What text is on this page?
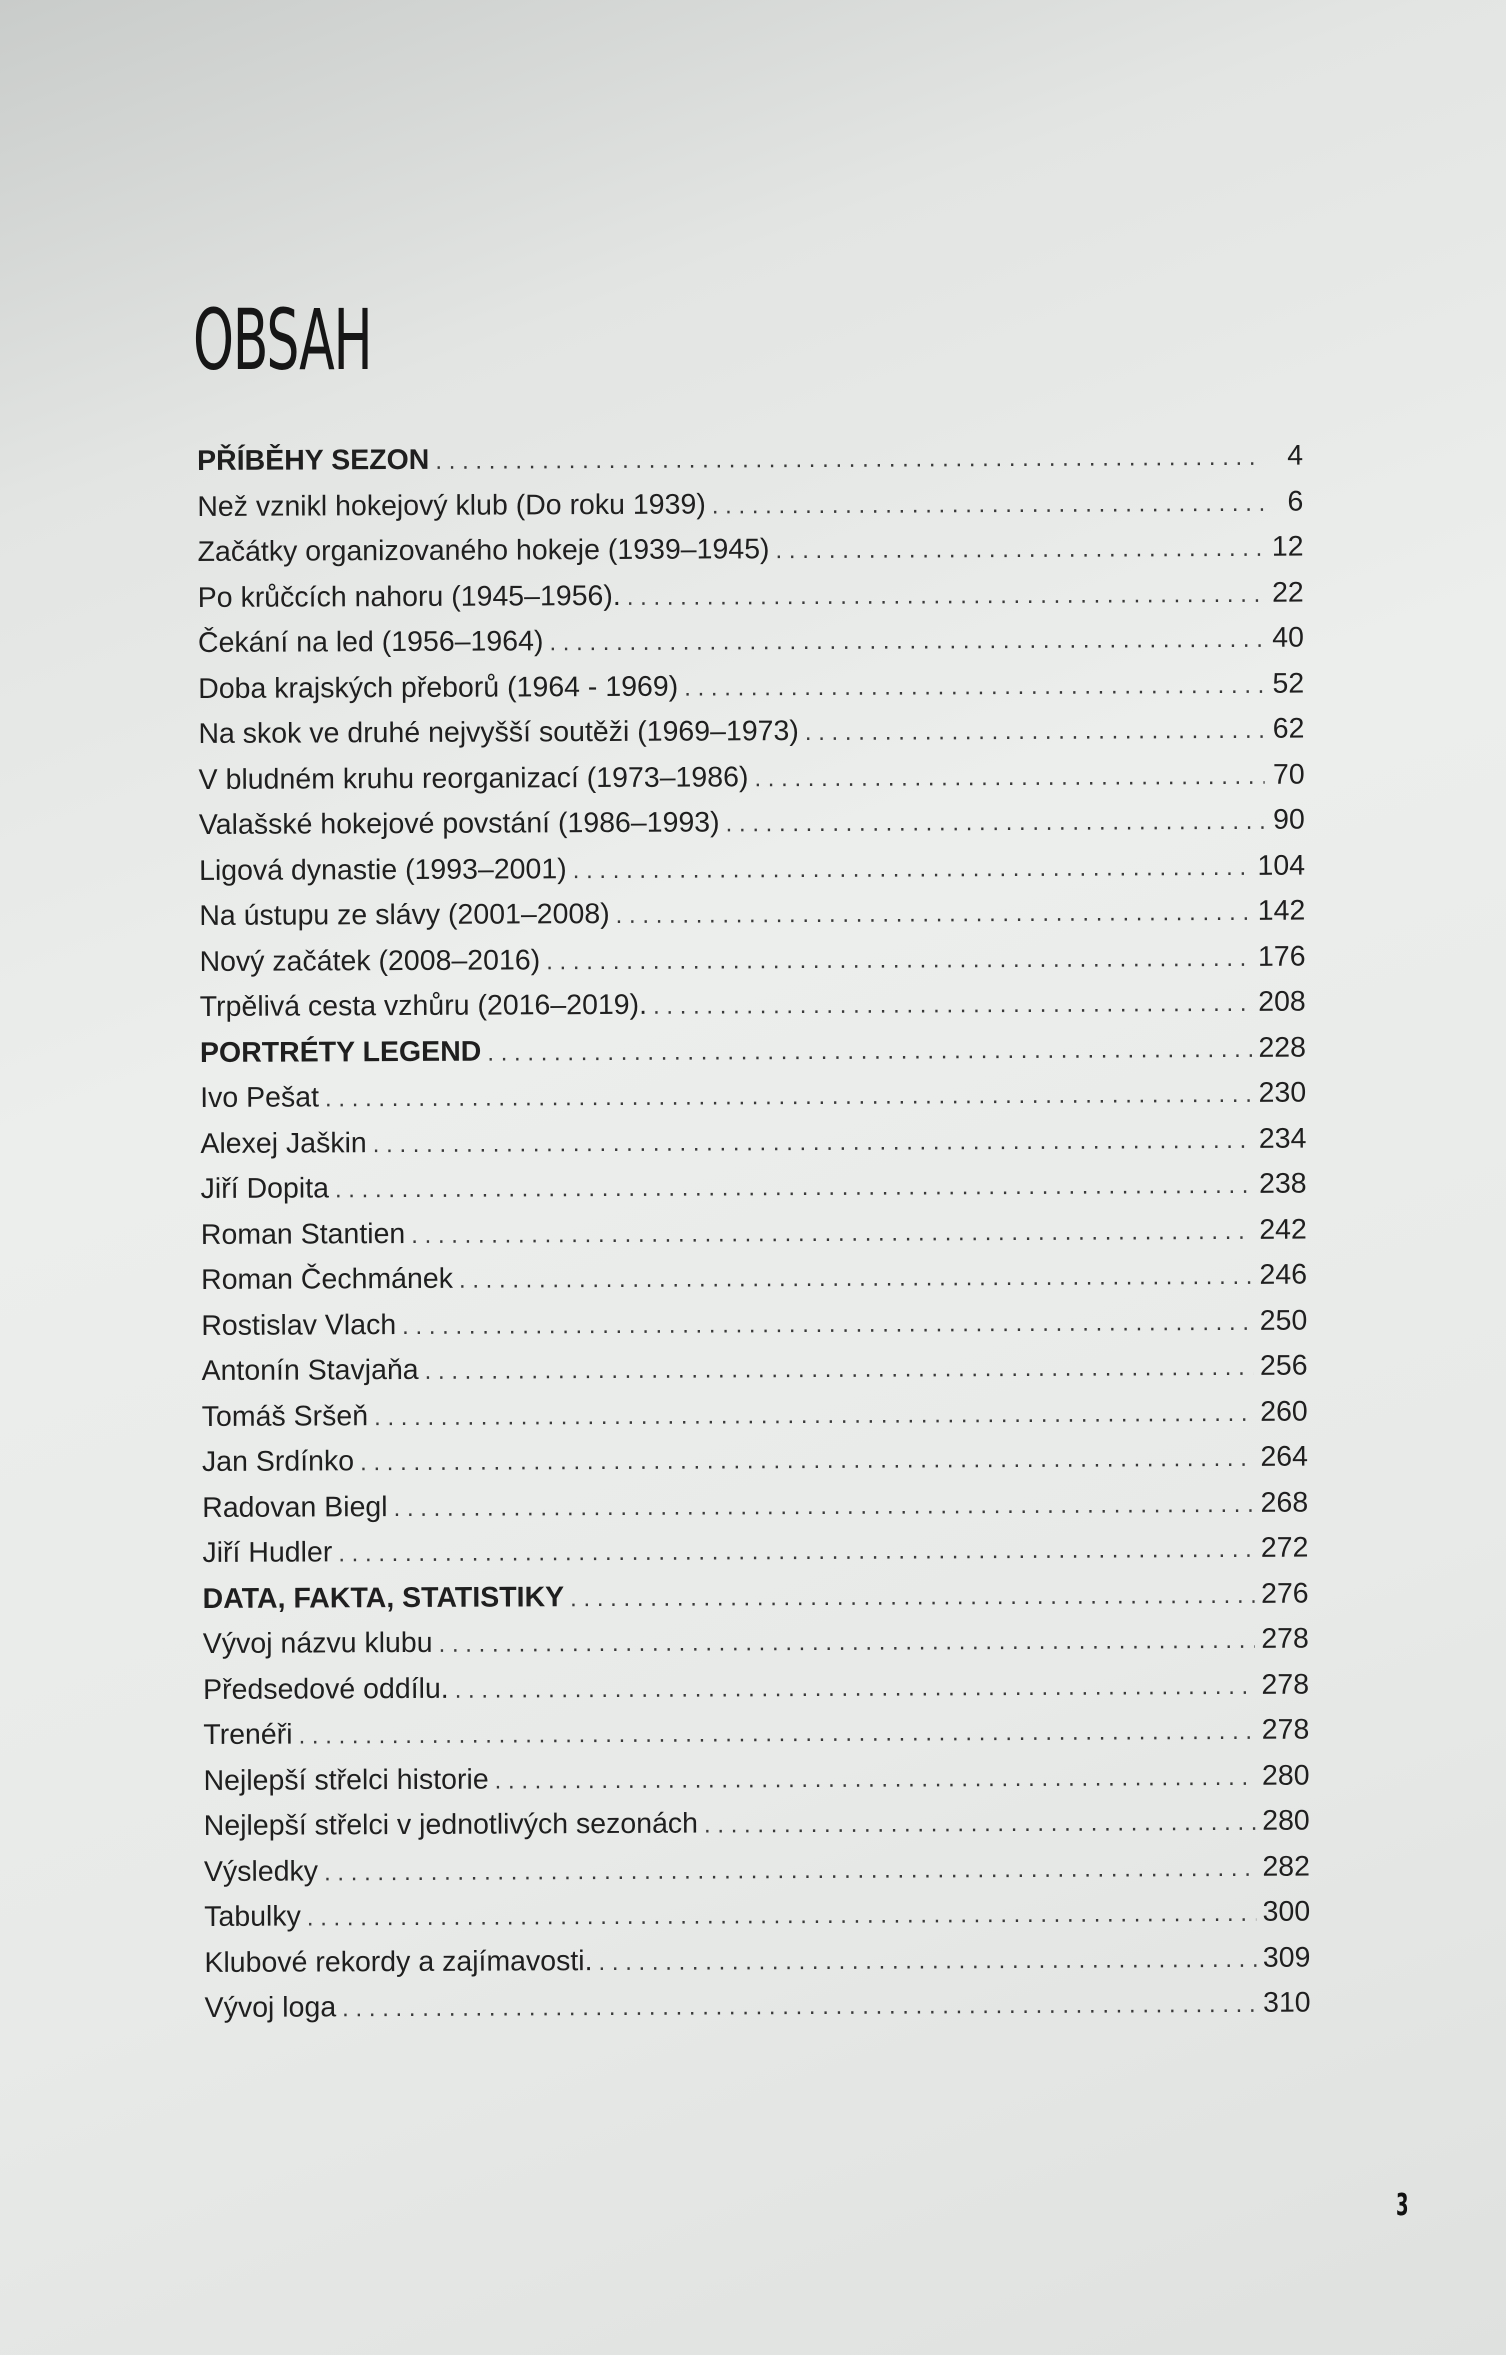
OBSAH
PŘÍBĚHY SEZON . . .	4
Než vznikl hokejový klub (Do roku 1939) . . .	6
Začátky organizovaného hokeje (1939–1945) . . .	12
Po krůčcích nahoru (1945–1956). . . .	22
Čekání na led (1956–1964) . . .	40
Doba krajských přeborů (1964 - 1969) . . .	52
Na skok ve druhé nejvyšší soutěži (1969–1973) . . .	62
V bludném kruhu reorganizací (1973–1986) . . .	70
Valašské hokejové povstání (1986–1993) . . .	90
Ligová dynastie (1993–2001) . . .	104
Na ústupu ze slávy (2001–2008) . . .	142
Nový začátek (2008–2016) . . .	176
Trpělivá cesta vzhůru (2016–2019). . . .	208
PORTRÉTY LEGEND . . .	228
Ivo Pešat . . .	230
Alexej Jaškin . . .	234
Jiří Dopita . . .	238
Roman Stantien . . .	242
Roman Čechmánek . . .	246
Rostislav Vlach . . .	250
Antonín Stavjaňa . . .	256
Tomáš Sršeň . . .	260
Jan Srdínko . . .	264
Radovan Biegl . . .	268
Jiří Hudler . . .	272
DATA, FAKTA, STATISTIKY . . .	276
Vývoj názvu klubu . . .	278
Předsedové oddílu. . . .	278
Trenéři . . .	278
Nejlepší střelci historie . . .	280
Nejlepší střelci v jednotlivých sezonách . . .	280
Výsledky . . .	282
Tabulky . . .	300
Klubové rekordy a zajímavosti. . . .	309
Vývoj loga . . .	310
3
